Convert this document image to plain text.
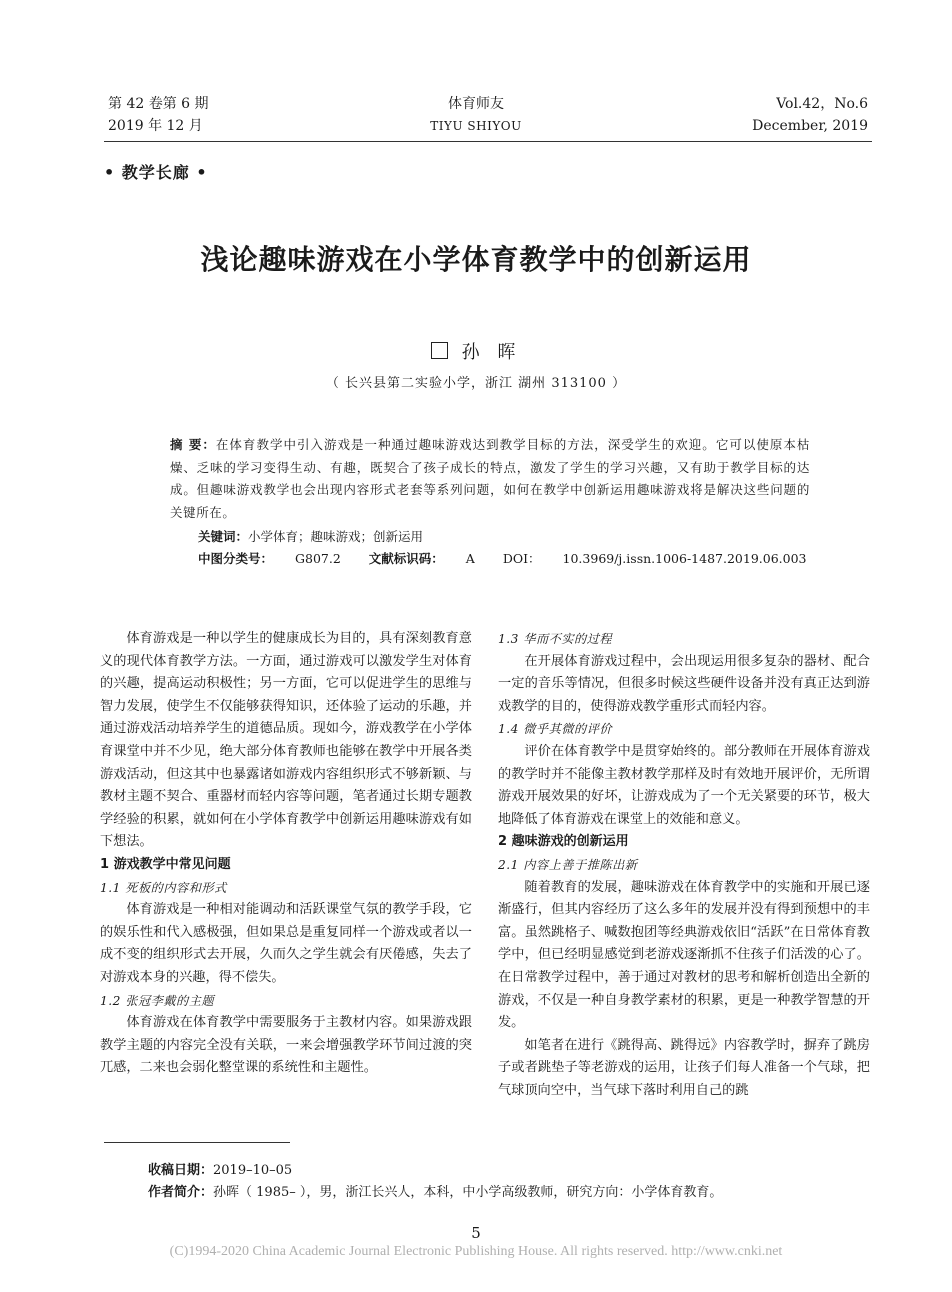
第 42 卷第 6 期
2019 年 12 月
体育师友
TIYU SHIYOU
Vol.42，No.6
December, 2019
• 教学长廊 •
浅论趣味游戏在小学体育教学中的创新运用
孙 晖
（ 长兴县第二实验小学，浙江 湖州 313100 ）
摘 要：在体育教学中引入游戏是一种通过趣味游戏达到教学目标的方法，深受学生的欢迎。它可以使原本枯燥、乏味的学习变得生动、有趣，既契合了孩子成长的特点，激发了学生的学习兴趣，又有助于教学目标的达成。但趣味游戏教学也会出现内容形式老套等系列问题，如何在教学中创新运用趣味游戏将是解决这些问题的关键所在。
关键词：小学体育；趣味游戏；创新运用
中图分类号： G807.2 文献标识码： A DOI： 10.3969/j.issn.1006-1487.2019.06.003

体育游戏是一种以学生的健康成长为目的，具有深刻教育意义的现代体育教学方法。一方面，通过游戏可以激发学生对体育的兴趣，提高运动积极性；另一方面，它可以促进学生的思维与智力发展，使学生不仅能够获得知识，还体验了运动的乐趣，并通过游戏活动培养学生的道德品质。现如今，游戏教学在小学体育课堂中并不少见，绝大部分体育教师也能够在教学中开展各类游戏活动，但这其中也暴露诸如游戏内容组织形式不够新颖、与教材主题不契合、重器材而轻内容等问题，笔者通过长期专题教学经验的积累，就如何在小学体育教学中创新运用趣味游戏有如下想法。

1 游戏教学中常见问题
1.1 死板的内容和形式

体育游戏是一种相对能调动和活跃课堂气氛的教学手段，它的娱乐性和代入感极强，但如果总是重复同样一个游戏或者以一成不变的组织形式去开展，久而久之学生就会有厌倦感，失去了对游戏本身的兴趣，得不偿失。

1.2 张冠李戴的主题

体育游戏在体育教学中需要服务于主教材内容。如果游戏跟教学主题的内容完全没有关联，一来会增强教学环节间过渡的突兀感，二来也会弱化整堂课的系统性和主题性。

1.3 华而不实的过程

在开展体育游戏过程中，会出现运用很多复杂的器材、配合一定的音乐等情况，但很多时候这些硬件设备并没有真正达到游戏教学的目的，使得游戏教学重形式而轻内容。

1.4 微乎其微的评价

评价在体育教学中是贯穿始终的。部分教师在开展体育游戏的教学时并不能像主教材教学那样及时有效地开展评价，无所谓游戏开展效果的好坏，让游戏成为了一个无关紧要的环节，极大地降低了体育游戏在课堂上的效能和意义。

2 趣味游戏的创新运用
2.1 内容上善于推陈出新

随着教育的发展，趣味游戏在体育教学中的实施和开展已逐渐盛行，但其内容经历了这么多年的发展并没有得到预想中的丰富。虽然跳格子、喊数抱团等经典游戏依旧“活跃”在日常体育教学中，但已经明显感觉到老游戏逐渐抓不住孩子们活泼的心了。在日常教学过程中，善于通过对教材的思考和解析创造出全新的游戏，不仅是一种自身教学素材的积累，更是一种教学智慧的开发。

如笔者在进行《跳得高、跳得远》内容教学时，摒弃了跳房子或者跳垫子等老游戏的运用，让孩子们每人准备一个气球，把气球顶向空中，当气球下落时利用自己的跳

收稿日期：2019–10–05
作者简介：孙晖（ 1985– ），男，浙江长兴人，本科，中小学高级教师，研究方向：小学体育教育。
5
(C)1994-2020 China Academic Journal Electronic Publishing House. All rights reserved. http://www.cnki.net
